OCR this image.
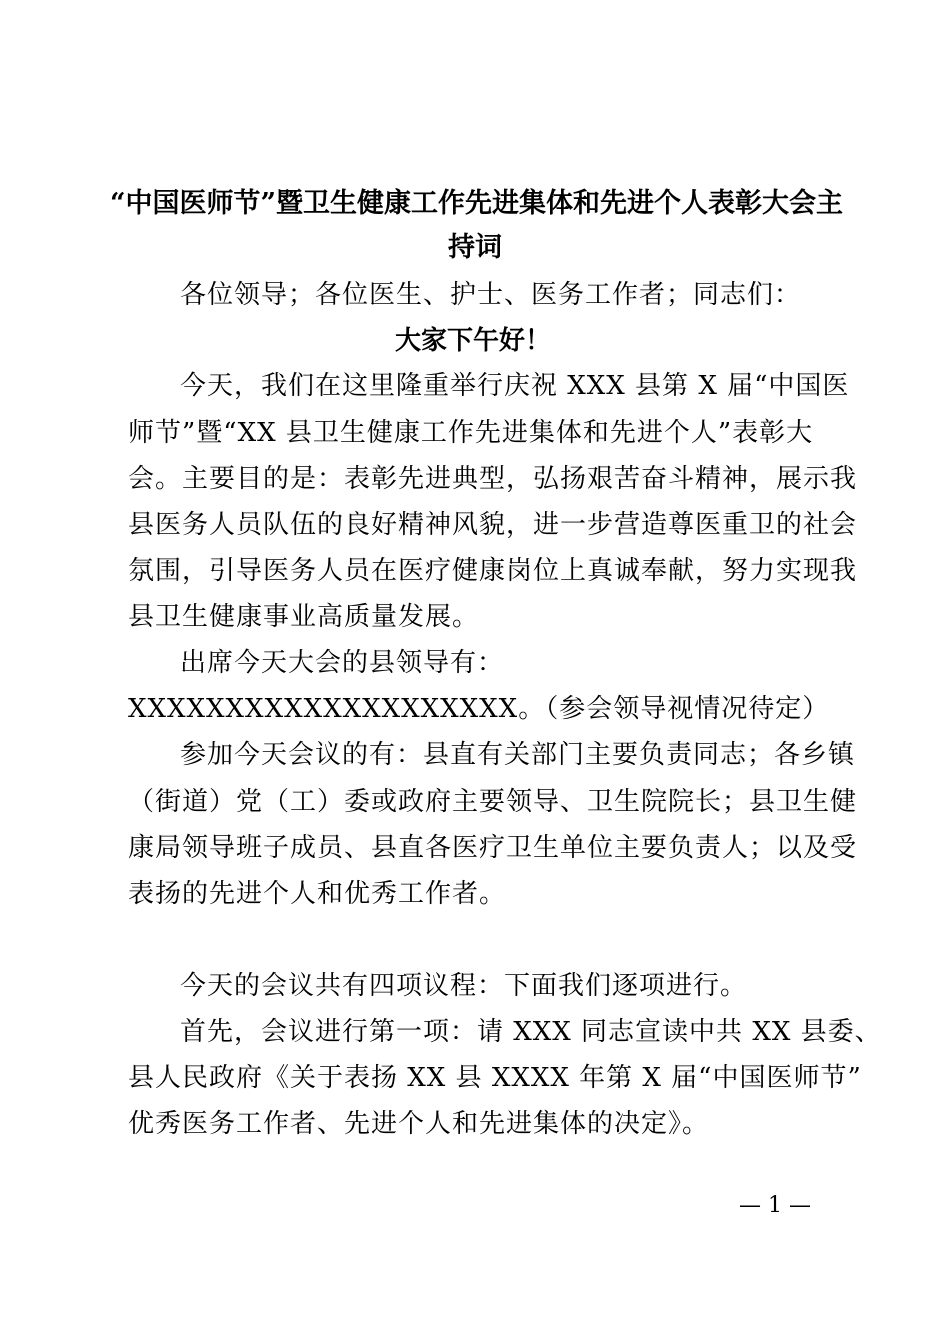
“中国医师节”暨卫生健康工作先进集体和先进个人表彰大会主
持词
各位领导；各位医生、护士、医务工作者；同志们：
大家下午好！
今天，我们在这里隆重举行庆祝 XXX 县第 X 届“中国医
师节”暨“XX 县卫生健康工作先进集体和先进个人”表彰大
会。主要目的是：表彰先进典型，弘扬艰苦奋斗精神，展示我
县医务人员队伍的良好精神风貌，进一步营造尊医重卫的社会
氛围，引导医务人员在医疗健康岗位上真诚奉献，努力实现我
县卫生健康事业高质量发展。
出席今天大会的县领导有：
XXXXXXXXXXXXXXXXXXXX。（参会领导视情况待定）
参加今天会议的有：县直有关部门主要负责同志；各乡镇
（街道）党（工）委或政府主要领导、卫生院院长；县卫生健
康局领导班子成员、县直各医疗卫生单位主要负责人；以及受
表扬的先进个人和优秀工作者。
今天的会议共有四项议程：下面我们逐项进行。
首先，会议进行第一项：请 XXX 同志宣读中共 XX 县委、
县人民政府《关于表扬 XX 县 XXXX 年第 X 届“中国医师节”
优秀医务工作者、先进个人和先进集体的决定》。
— 1 —
